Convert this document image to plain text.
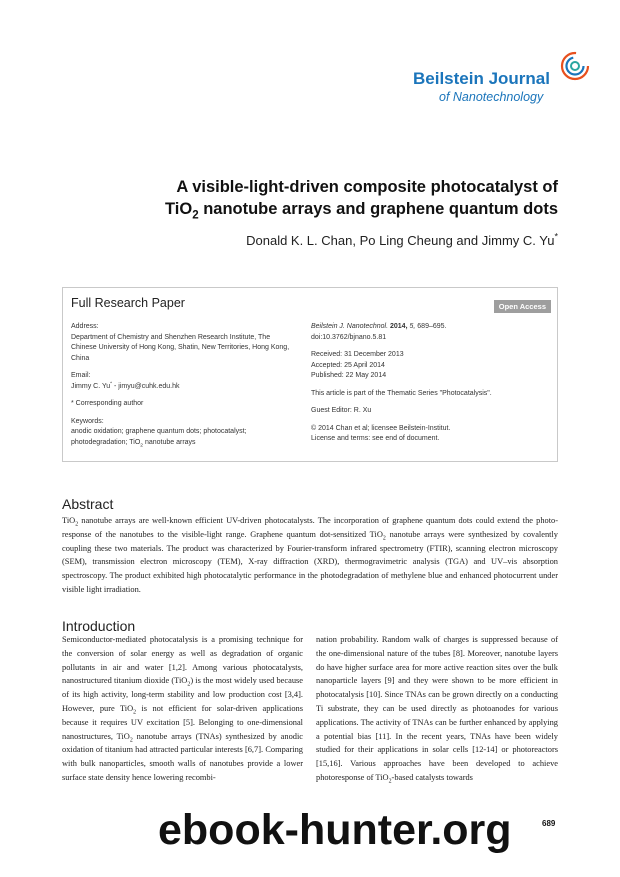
Beilstein Journal
of Nanotechnology
A visible-light-driven composite photocatalyst of
TiO$_2$ nanotube arrays and graphene quantum dots
Donald K. L. Chan, Po Ling Cheung and Jimmy C. Yu*
Full Research Paper	Open Access
Address:
Department of Chemistry and Shenzhen Research Institute, The Chinese University of Hong Kong, Shatin, New Territories, Hong Kong, China
Email:
Jimmy C. Yu* - jimyu@cuhk.edu.hk
* Corresponding author
Keywords:
anodic oxidation; graphene quantum dots; photocatalyst; photodegradation; TiO$_2$ nanotube arrays
Beilstein J. Nanotechnol. 2014, 5, 689–695.
doi:10.3762/bjnano.5.81
Received: 31 December 2013
Accepted: 25 April 2014
Published: 22 May 2014
This article is part of the Thematic Series "Photocatalysis".
Guest Editor: R. Xu
© 2014 Chan et al; licensee Beilstein-Institut.
License and terms: see end of document.
Abstract
TiO$_2$ nanotube arrays are well-known efficient UV-driven photocatalysts. The incorporation of graphene quantum dots could extend the photo-response of the nanotubes to the visible-light range. Graphene quantum dot-sensitized TiO$_2$ nanotube arrays were synthesized by covalently coupling these two materials. The product was characterized by Fourier-transform infrared spectrometry (FTIR), scanning electron microscopy (SEM), transmission electron microscopy (TEM), X-ray diffraction (XRD), thermogravimetric analysis (TGA) and UV–vis absorption spectroscopy. The product exhibited high photocatalytic performance in the photodegradation of methylene blue and enhanced photocurrent under visible light irradiation.
Introduction
Semiconductor-mediated photocatalysis is a promising technique for the conversion of solar energy as well as degradation of organic pollutants in air and water [1,2]. Among various photocatalysts, nanostructured titanium dioxide (TiO$_2$) is the most widely used because of its high activity, long-term stability and low production cost [3,4]. However, pure TiO$_2$ is not efficient for solar-driven applications because it requires UV excitation [5]. Belonging to one-dimensional nanostructures, TiO$_2$ nanotube arrays (TNAs) synthesized by anodic oxidation of titanium had attracted particular interests [6,7]. Comparing with bulk nanoparticles, smooth walls of nanotubes provide a lower surface state density hence lowering recombi-
nation probability. Random walk of charges is suppressed because of the one-dimensional nature of the tubes [8]. Moreover, nanotube layers do have higher surface area for more active reaction sites over the bulk nanoparticle layers [9] and they were shown to be more efficient in photocatalysis [10]. Since TNAs can be grown directly on a conducting Ti substrate, they can be used directly as photoanodes for various applications. The activity of TNAs can be further enhanced by applying a potential bias [11]. In the recent years, TNAs have been widely studied for their applications in solar cells [12-14] or photoreactors [15,16]. Various approaches have been developed to achieve photoresponse of TiO$_2$-based catalysts towards
689
ebook-hunter.org
